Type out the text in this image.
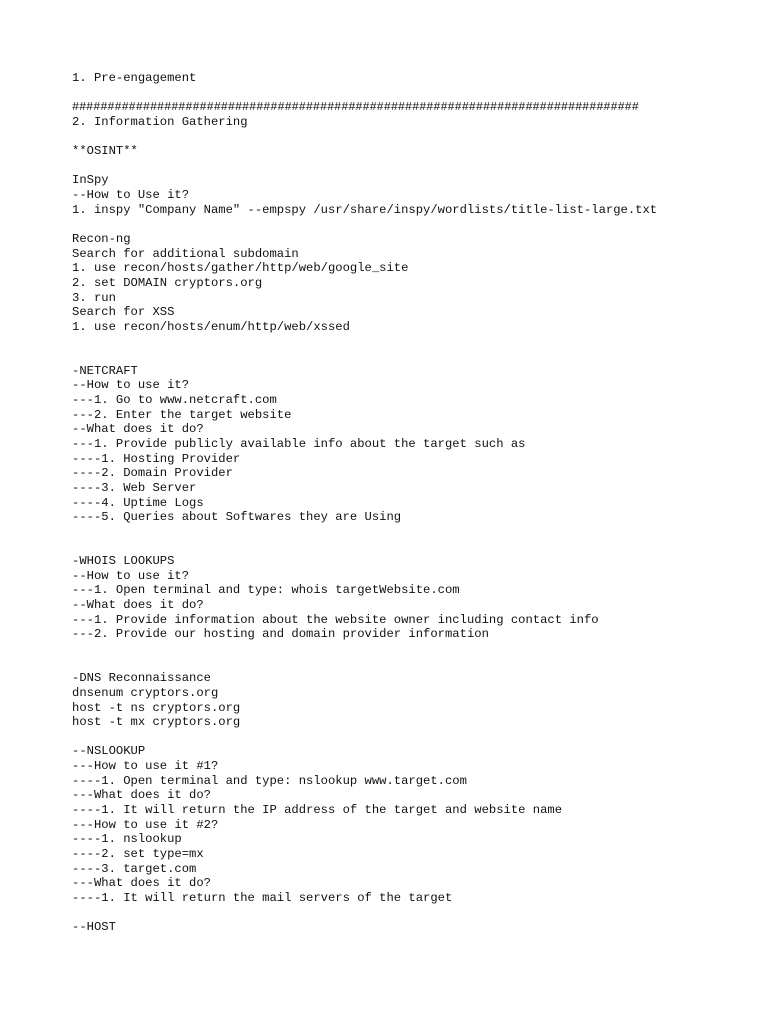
1. Pre-engagement
################################################################################
2. Information Gathering
**OSINT**
InSpy
--How to Use it?
1. inspy "Company Name" --empspy /usr/share/inspy/wordlists/title-list-large.txt
Recon-ng
Search for additional subdomain
1. use recon/hosts/gather/http/web/google_site
2. set DOMAIN cryptors.org
3. run
Search for XSS
1. use recon/hosts/enum/http/web/xssed
-NETCRAFT
--How to use it?
---1. Go to www.netcraft.com
---2. Enter the target website
--What does it do?
---1. Provide publicly available info about the target such as
----1. Hosting Provider
----2. Domain Provider
----3. Web Server
----4. Uptime Logs
----5. Queries about Softwares they are Using
-WHOIS LOOKUPS
--How to use it?
---1. Open terminal and type: whois targetWebsite.com
--What does it do?
---1. Provide information about the website owner including contact info
---2. Provide our hosting and domain provider information
-DNS Reconnaissance
dnsenum cryptors.org
host -t ns cryptors.org
host -t mx cryptors.org
--NSLOOKUP
---How to use it #1?
----1. Open terminal and type: nslookup www.target.com
---What does it do?
----1. It will return the IP address of the target and website name
---How to use it #2?
----1. nslookup
----2. set type=mx
----3. target.com
---What does it do?
----1. It will return the mail servers of the target
--HOST
